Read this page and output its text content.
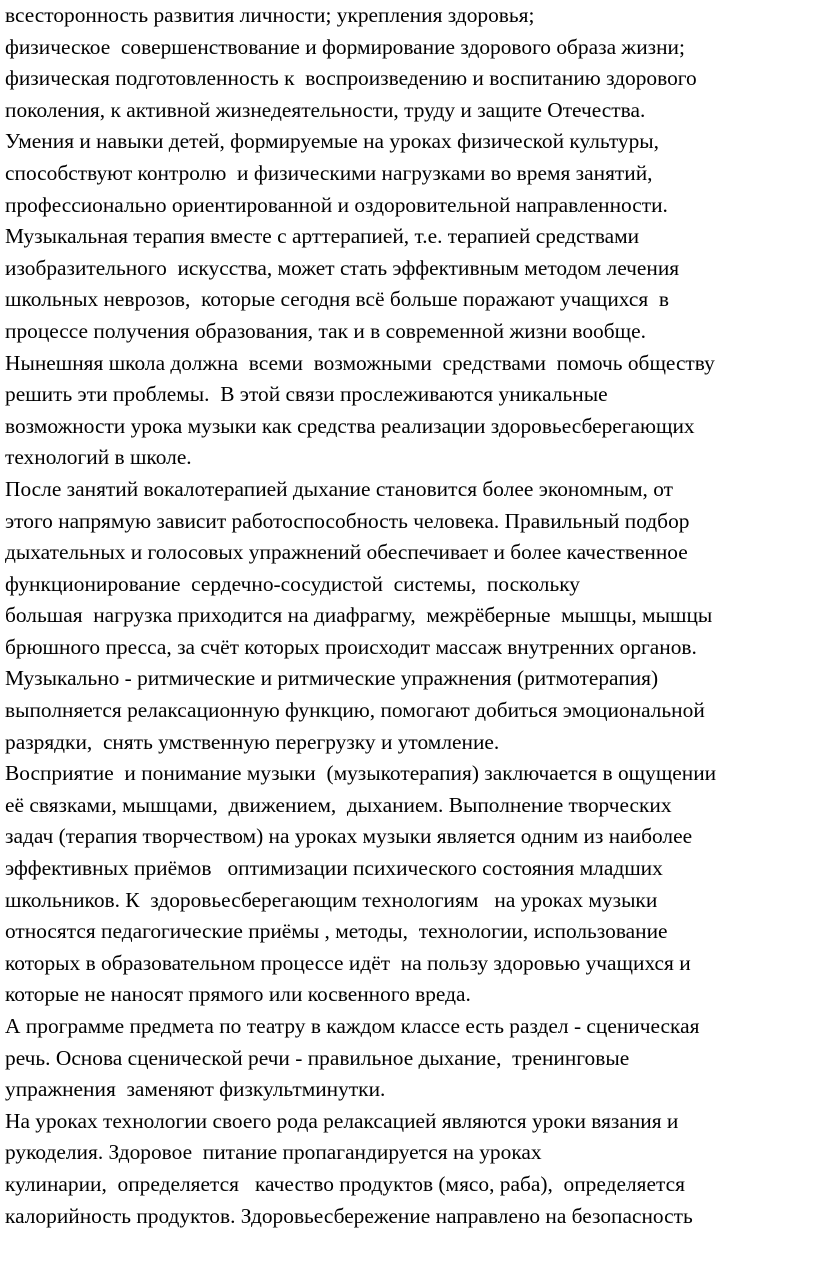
всесторонность развития личности; укрепления здоровья;
физическое  совершенствование и формирование здорового образа жизни;
физическая подготовленность к  воспроизведению и воспитанию здорового
поколения, к активной жизнедеятельности, труду и защите Отечества.
Умения и навыки детей, формируемые на уроках физической культуры,
способствуют контролю  и физическими нагрузками во время занятий,
профессионально ориентированной и оздоровительной направленности.
Музыкальная терапия вместе с арттерапией, т.е. терапией средствами
изобразительного  искусства, может стать эффективным методом лечения
школьных неврозов,  которые сегодня всё больше поражают учащихся  в
процессе получения образования, так и в современной жизни вообще.
Нынешняя школа должна  всеми  возможными  средствами  помочь обществу
решить эти проблемы.  В этой связи прослеживаются уникальные
возможности урока музыки как средства реализации здоровьесберегающих
технологий в школе.
После занятий вокалотерапией дыхание становится более экономным, от
этого напрямую зависит работоспособность человека. Правильный подбор
дыхательных и голосовых упражнений обеспечивает и более качественное
функционирование  сердечно-сосудистой  системы,  поскольку
большая  нагрузка приходится на диафрагму,  межрёберные  мышцы, мышцы
брюшного пресса, за счёт которых происходит массаж внутренних органов.
Музыкально - ритмические и ритмические упражнения (ритмотерапия)
выполняется релаксационную функцию, помогают добиться эмоциональной
разрядки,  снять умственную перегрузку и утомление.
Восприятие  и понимание музыки  (музыкотерапия) заключается в ощущении
её связками, мышцами,  движением,  дыханием. Выполнение творческих
задач (терапия творчеством) на уроках музыки является одним из наиболее
эффективных приёмов   оптимизации психического состояния младших
школьников. К  здоровьесберегающим технологиям   на уроках музыки
относятся педагогические приёмы , методы,  технологии, использование
которых в образовательном процессе идёт  на пользу здоровью учащихся и
которые не наносят прямого или косвенного вреда.
А программе предмета по театру в каждом классе есть раздел - сценическая
речь. Основа сценической речи - правильное дыхание,  тренинговые
упражнения  заменяют физкультминутки.
На уроках технологии своего рода релаксацией являются уроки вязания и
рукоделия. Здоровое  питание пропагандируется на уроках
кулинарии,  определяется   качество продуктов (мясо, раба),  определяется
калорийность продуктов. Здоровьесбережение направлено на безопасность
